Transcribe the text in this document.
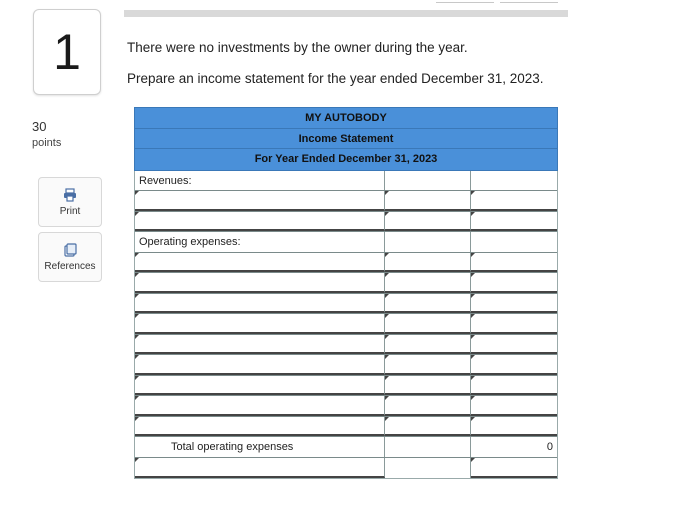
1
30
points
Print
References
There were no investments by the owner during the year.
Prepare an income statement for the year ended December 31, 2023.
MY AUTOBODY
Income Statement
For Year Ended December 31, 2023
Revenues:
Operating expenses:
Total operating expenses	0
